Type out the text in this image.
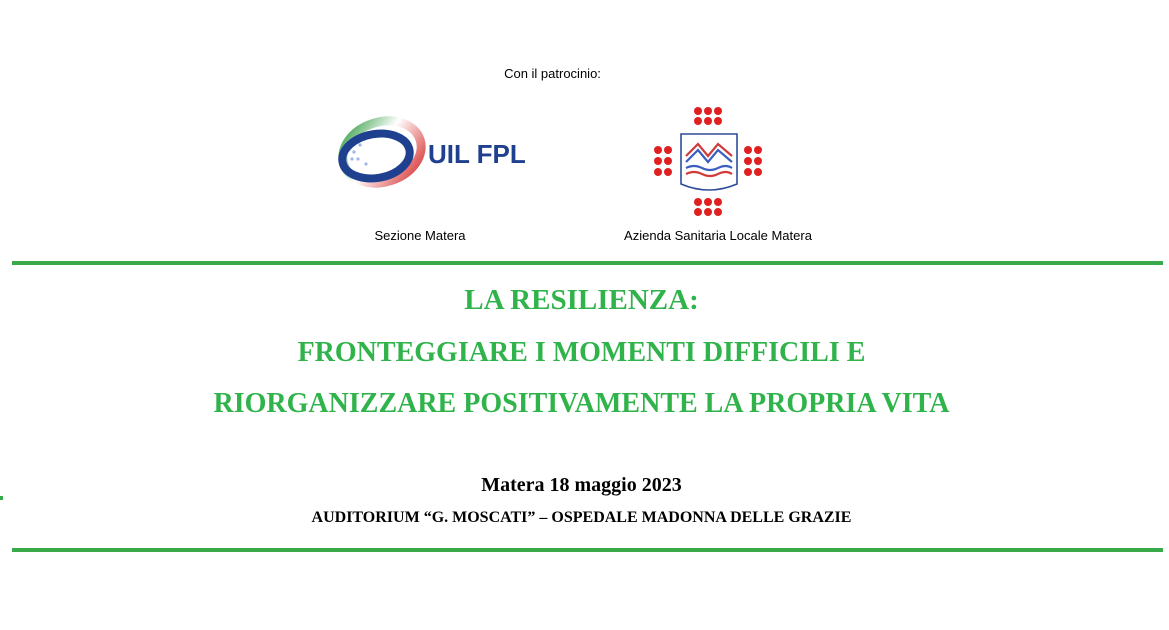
Con il patrocinio:
UIL FPL
Sezione Matera	Azienda Sanitaria Locale Matera
LA RESILIENZA:
FRONTEGGIARE I MOMENTI DIFFICILI E
RIORGANIZZARE POSITIVAMENTE LA PROPRIA VITA
Matera 18 maggio 2023
AUDITORIUM “G. MOSCATI” – OSPEDALE MADONNA DELLE GRAZIE
